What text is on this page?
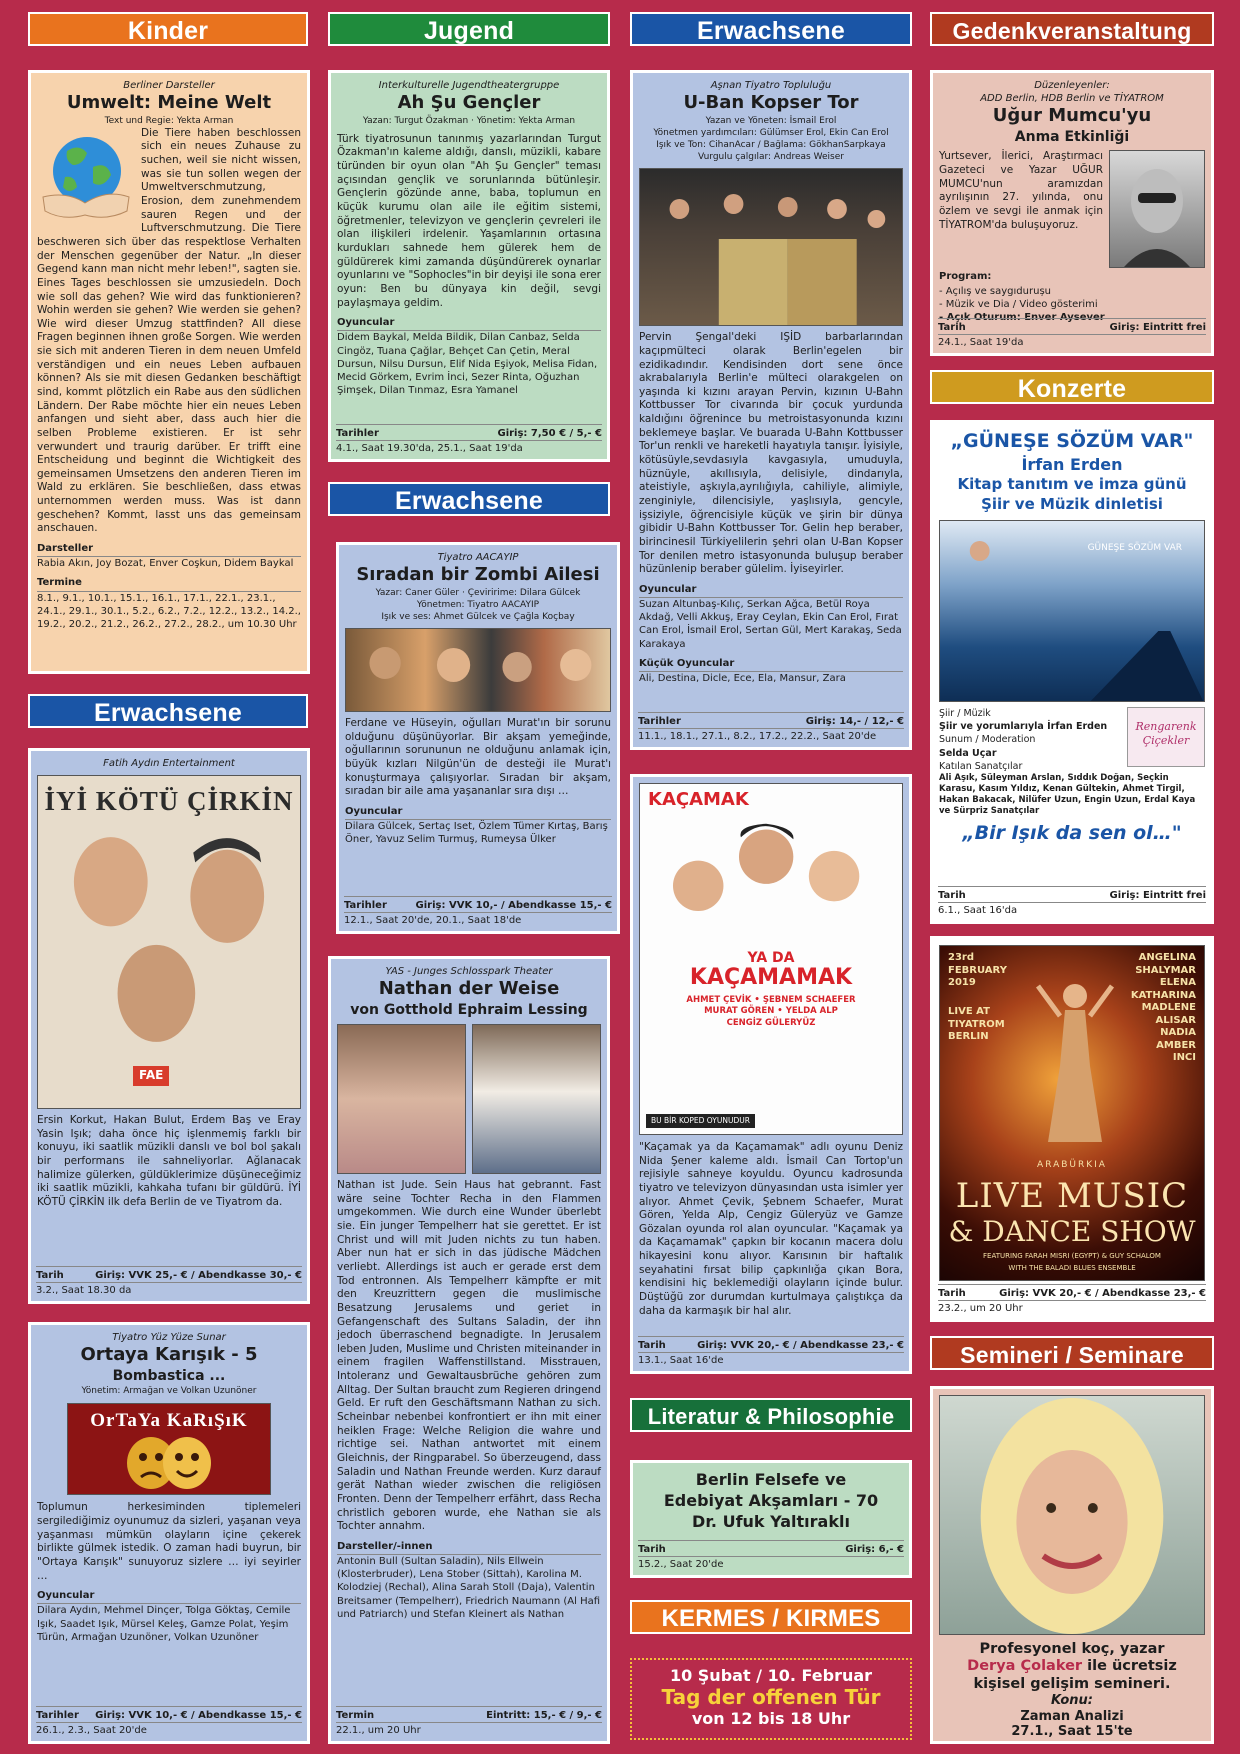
Kinder	Jugend	Erwachsene	Gedenkveranstaltung
Berliner Darsteller
Umwelt: Meine Welt
Text und Regie: Yekta Arman
Die Tiere haben beschlossen sich ein neues Zuhause zu suchen, weil sie nicht wissen, was sie tun sollen wegen der Umweltverschmutzung, Erosion, dem zunehmendem sauren Regen und der Luftverschmutzung. Die Tiere beschweren sich über das respektlose Verhalten der Menschen gegenüber der Natur. „In dieser Gegend kann man nicht mehr leben!", sagten sie. Eines Tages beschlossen sie umzusiedeln. Doch wie soll das gehen? Wie wird das funktionieren? Wohin werden sie gehen? Wie werden sie gehen? Wie wird dieser Umzug stattfinden? All diese Fragen beginnen ihnen große Sorgen. Wie werden sie sich mit anderen Tieren in dem neuen Umfeld verständigen und ein neues Leben aufbauen können? Als sie mit diesen Gedanken beschäftigt sind, kommt plötzlich ein Rabe aus den südlichen Ländern. Der Rabe möchte hier ein neues Leben anfangen und sieht aber, dass auch hier die selben Probleme existieren. Er ist sehr verwundert und traurig darüber. Er trifft eine Entscheidung und beginnt die Wichtigkeit des gemeinsamen Umsetzens den anderen Tieren im Wald zu erklären. Sie beschließen, dass etwas unternommen werden muss. Was ist dann geschehen? Kommt, lasst uns das gemeinsam anschauen.
Darsteller
Rabia Akın, Joy Bozat, Enver Coşkun, Didem Baykal
Termine
8.1., 9.1., 10.1., 15.1., 16.1., 17.1., 22.1., 23.1., 24.1., 29.1., 30.1., 5.2., 6.2., 7.2., 12.2., 13.2., 14.2., 19.2., 20.2., 21.2., 26.2., 27.2., 28.2., um 10.30 Uhr
Interkulturelle Jugendtheatergruppe
Ah Şu Gençler
Yazan: Turgut Özakman · Yönetim: Yekta Arman
Türk tiyatrosunun tanınmış yazarlarından Turgut Özakman'ın kaleme aldığı, danslı, müzikli, kabare türünden bir oyun olan "Ah Şu Gençler" teması açısından gençlik ve sorunlarında bütünleşir. Gençlerin gözünde anne, baba, toplumun en küçük kurumu olan aile ile eğitim sistemi, öğretmenler, televizyon ve gençlerin çevreleri ile olan ilişkileri irdelenir. Yaşamlarının ortasına kurdukları sahnede hem gülerek hem de güldürerek kimi zamanda düşündürerek oynarlar oyunlarını ve "Sophocles"in bir deyişi ile sona erer oyun: Ben bu dünyaya kin değil, sevgi paylaşmaya geldim.
Oyuncular
Didem Baykal, Melda Bildik, Dilan Canbaz, Selda Cingöz, Tuana Çağlar, Behçet Can Çetin, Meral Dursun, Nilsu Dursun, Elif Nida Eşiyok, Melisa Fidan, Mecid Görkem, Evrim İnci, Sezer Rinta, Oğuzhan Şimşek, Dilan Tınmaz, Esra Yamanel
Tarihler	Giriş: 7,50 € / 5,- €
4.1., Saat 19.30'da, 25.1., Saat 19'da
Erwachsene
Tiyatro AACAYIP
Sıradan bir Zombi Ailesi
Yazar: Caner Güler · Çeviririme: Dilara Gülcek
Yönetmen: Tiyatro AACAYIP
Işık ve ses: Ahmet Gülcek ve Çağla Koçbay
Ferdane ve Hüseyin, oğulları Murat'ın bir sorunu olduğunu düşünüyorlar. Bir akşam yemeğinde, oğullarının sorununun ne olduğunu anlamak için, büyük kızları Nilgün'ün de desteği ile Murat'ı konuşturmaya çalışıyorlar. Sıradan bir akşam, sıradan bir aile ama yaşananlar sıra dışı …
Oyuncular
Dilara Gülcek, Sertaç Iset, Özlem Tümer Kırtaş, Barış Öner, Yavuz Selim Turmuş, Rumeysa Ülker
Tarihler	Giriş: VVK 10,- / Abendkasse 15,- €
12.1., Saat 20'de, 20.1., Saat 18'de
YAS - Junges Schlosspark Theater
Nathan der Weise
von Gotthold Ephraim Lessing
Nathan ist Jude. Sein Haus hat gebrannt. Fast wäre seine Tochter Recha in den Flammen umgekommen. Wie durch eine Wunder überlebt sie. Ein junger Tempelherr hat sie gerettet. Er ist Christ und will mit Juden nichts zu tun haben. Aber nun hat er sich in das jüdische Mädchen verliebt. Allerdings ist auch er gerade erst dem Tod entronnen. Als Tempelherr kämpfte er mit den Kreuzrittern gegen die muslimische Besatzung Jerusalems und geriet in Gefangenschaft des Sultans Saladin, der ihn jedoch überraschend begnadigte. In Jerusalem leben Juden, Muslime und Christen miteinander in einem fragilen Waffenstillstand. Misstrauen, Intoleranz und Gewaltausbrüche gehören zum Alltag. Der Sultan braucht zum Regieren dringend Geld. Er ruft den Geschäftsmann Nathan zu sich. Scheinbar nebenbei konfrontiert er ihn mit einer heiklen Frage: Welche Religion die wahre und richtige sei. Nathan antwortet mit einem Gleichnis, der Ringparabel. So überzeugend, dass Saladin und Nathan Freunde werden. Kurz darauf gerät Nathan wieder zwischen die religiösen Fronten. Denn der Tempelherr erfährt, dass Recha christlich geboren wurde, ehe Nathan sie als Tochter annahm.
Darsteller/-innen
Antonin Bull (Sultan Saladin), Nils Ellwein (Klosterbruder), Lena Stober (Sittah), Karolina M. Kolodziej (Rechal), Alina Sarah Stoll (Daja), Valentin Breitsamer (Tempelherr), Friedrich Naumann (Al Hafi und Patriarch) und Stefan Kleinert als Nathan
Termin	Eintritt: 15,- € / 9,- €
22.1., um 20 Uhr
Erwachsene
Fatih Aydın Entertainment
İYİ KÖTÜ ÇİRKİN
FAE
Ersin Korkut, Hakan Bulut, Erdem Baş ve Eray Yasin Işık; daha önce hiç işlenmemiş farklı bir konuyu, iki saatlik müzikli danslı ve bol bol şakalı bir performans ile sahneliyorlar. Ağlanacak halimize gülerken, güldüklerimize düşüneceğimiz iki saatlik müzikli, kahkaha tufanı bir güldürü. İYİ KÖTÜ ÇİRKİN ilk defa Berlin de ve Tiyatrom da.
Tarih	Giriş: VVK 25,- € / Abendkasse 30,- €
3.2., Saat 18.30 da
Tiyatro Yüz Yüze Sunar
Ortaya Karışık - 5
Bombastica ...
Yönetim: Armağan ve Volkan Uzunöner
OrTaYa KaRıŞıK
Toplumun herkesiminden tiplemeleri sergilediğimiz oyunumuz da sizleri, yaşanan veya yaşanması mümkün olayların içine çekerek birlikte gülmek istedik. O zaman hadi buyrun, bir "Ortaya Karışık" sunuyoruz sizlere … iyi seyirler …
Oyuncular
Dilara Aydın, Mehmel Dinçer, Tolga Göktaş, Cemile Işık, Saadet Işık, Mürsel Keleş, Gamze Polat, Yeşim Türün, Armağan Uzunöner, Volkan Uzunöner
Tarihler Giriş: VVK 10,- € / Abendkasse 15,- €
26.1., 2.3., Saat 20'de
Aşnan Tiyatro Topluluğu
U-Ban Kopser Tor
Yazan ve Yöneten: İsmail Erol
Yönetmen yardımcıları: Gülümser Erol, Ekin Can Erol
Işık ve Ton: CihanAcar / Bağlama: GökhanSarpkaya
Vurgulu çalgılar: Andreas Weiser
Pervin Şengal'deki IŞİD barbarlarından kaçıpmülteci olarak Berlin'egelen bir ezidikadındır. Kendisinden dort sene önce akrabalarıyla Berlin'e mülteci olarakgelen on yaşında ki kızını arayan Pervin, kızının U-Bahn Kottbusser Tor civarında bir çocuk yurdunda kaldığını öğrenince bu metroistasyonunda kızını beklemeye başlar. Ve buarada U-Bahn Kottbusser Tor'un renkli ve hareketli hayatıyla tanışır. İyisiyle, kötüsüyle,sevdasıyla kavgasıyla, umuduyla, hüznüyle, akıllısıyla, delisiyle, dindarıyla, ateistiyle, aşkıyla,ayrılığıyla, cahiliyle, alimiyle, zenginiyle, dilencisiyle, yaşlısıyla, gencyle, işsiziyle, öğrencisiyle küçük ve şirin bir dünya gibidir U-Bahn Kottbusser Tor. Gelin hep beraber, birincinesil Türkiyelilerin şehri olan U-Ban Kopser Tor denilen metro istasyonunda buluşup beraber hüzünlenip beraber gülelim. İyiseyirler.
Oyuncular
Suzan Altunbaş-Kılıç, Serkan Ağca, Betül Roya Akdağ, Velli Akkuş, Eray Ceylan, Ekin Can Erol, Fırat Can Erol, İsmail Erol, Sertan Gül, Mert Karakaş, Seda Karakaya
Küçük Oyuncular
Ali, Destina, Dicle, Ece, Ela, Mansur, Zara
Tarihler	Giriş: 14,- / 12,- €
11.1., 18.1., 27.1., 8.2., 17.2., 22.2., Saat 20'de
KAÇAMAK
YA DA
KAÇAMAMAK
AHMET ÇEVİK • ŞEBNEM SCHAEFER
MURAT GÖREN • YELDA ALP
CENGİZ GÜLERYÜZ
BU BİR KOPED OYUNUDUR
"Kaçamak ya da Kaçamamak" adlı oyunu Deniz Nida Şener kaleme aldı. İsmail Can Tortop'un rejisiyle sahneye koyuldu. Oyuncu kadrosunda tiyatro ve televizyon dünyasından usta isimler yer alıyor. Ahmet Çevik, Şebnem Schaefer, Murat Gören, Yelda Alp, Cengiz Güleryüz ve Gamze Gözalan oyunda rol alan oyuncular. "Kaçamak ya da Kaçamamak" çapkın bir kocanın macera dolu hikayesini konu alıyor. Karısının bir haftalık seyahatini fırsat bilip çapkınlığa çıkan Bora, kendisini hiç beklemediği olayların içinde bulur. Düştüğü zor durumdan kurtulmaya çalıştıkça da daha da karmaşık bir hal alır.
Tarih	Giriş: VVK 20,- € / Abendkasse 23,- €
13.1., Saat 16'de
Literatur & Philosophie
Berlin Felsefe ve
Edebiyat Akşamları - 70
Dr. Ufuk Yaltıraklı
Tarih	Giriş: 6,- €
15.2., Saat 20'de
KERMES / KIRMES
10 Şubat / 10. Februar
Tag der offenen Tür
von 12 bis 18 Uhr
Düzenleyenler:
ADD Berlin, HDB Berlin ve TİYATROM
Uğur Mumcu'yu
Anma Etkinliği
Yurtsever, İlerici, Araştırmacı Gazeteci ve Yazar UĞUR MUMCU'nun aramızdan ayrılışının 27. yılında, onu özlem ve sevgi ile anmak için TİYATROM'da buluşuyoruz.
Program:
- Açılış ve saygıdurușu
- Müzik ve Dia / Video gösterimi
- Açık Oturum: Enver Aysever
Tarih	Giriş: Eintritt frei
24.1., Saat 19'da
Konzerte
„GÜNEŞE SÖZÜM VAR"
İrfan Erden
Kitap tanıtım ve imza günü
Şiir ve Müzik dinletisi
GÜNEŞE SÖZÜM VAR
Şiir / Müzik
Şiir ve yorumlarıyla İrfan Erden
Sunum / Moderation
Selda Uçar
Katılan Sanatçılar
Rengarenk Çiçekler
Ali Aşık, Süleyman Arslan, Sıddık Doğan, Seçkin Karasu, Kasım Yıldız, Kenan Gültekin, Ahmet Tirgil, Hakan Bakacak, Nilüfer Uzun, Engin Uzun, Erdal Kaya ve Sürpriz Sanatçılar
„Bir Işık da sen ol…"
Tarih	Giriş: Eintritt frei
6.1., Saat 16'da
23rd
FEBRUARY
2019
LIVE AT
TIYATROM
BERLIN
ANGELINA
SHALYMAR
ELENA
KATHARINA
MADLENE
ALISAR
NADIA
AMBER
INCI
ARABÜRKIA
LIVE MUSIC
& DANCE SHOW
FEATURING FARAH MISRI (EGYPT) & GUY SCHALOM
WITH THE BALADI BLUES ENSEMBLE
Tarih	Giriş: VVK 20,- € / Abendkasse 23,- €
23.2., um 20 Uhr
Semineri / Seminare
Profesyonel koç, yazar
Derya Çolaker ile ücretsiz
kişisel gelişim semineri.
Konu:
Zaman Analizi
27.1., Saat 15'te
